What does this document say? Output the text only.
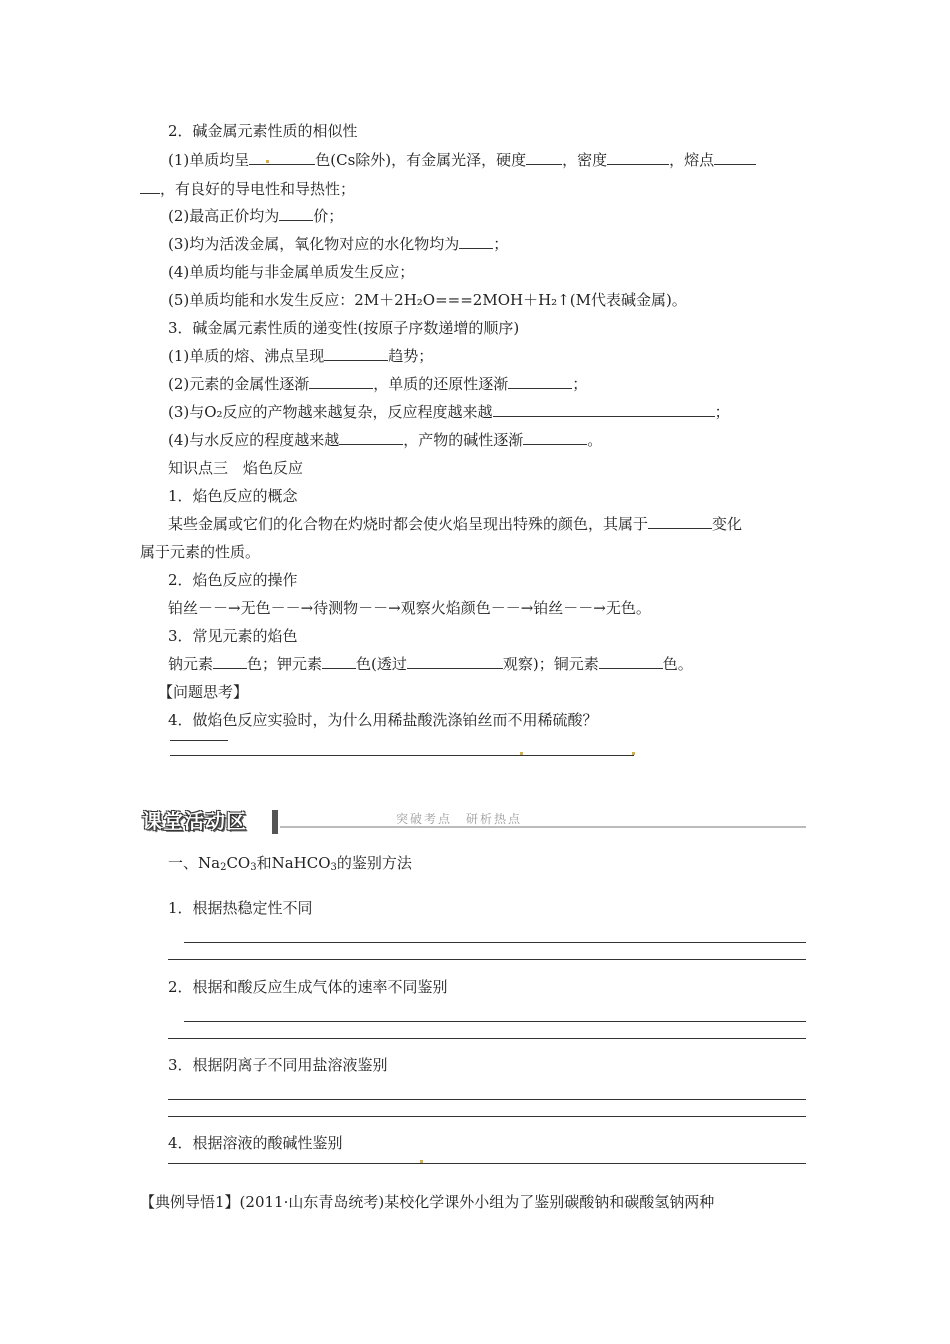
2．碱金属元素性质的相似性
(1)单质均呈	色(Cs除外)，有金属光泽，硬度 ，密度	，熔点
，有良好的导电性和导热性；
(2)最高正价均为 价；
(3)均为活泼金属，氧化物对应的水化物均为 ；
(4)单质均能与非金属单质发生反应；
(5)单质均能和水发生反应：2M＋2H₂O===2MOH＋H₂↑(M代表碱金属)。
3．碱金属元素性质的递变性(按原子序数递增的顺序)
(1)单质的熔、沸点呈现	趋势；
(2)元素的金属性逐渐	，单质的还原性逐渐	；
(3)与O₂反应的产物越来越复杂，反应程度越来越	；
(4)与水反应的程度越来越	，产物的碱性逐渐	。
知识点三　焰色反应
1．焰色反应的概念
某些金属或它们的化合物在灼烧时都会使火焰呈现出特殊的颜色，其属于	变化
属于元素的性质。
2．焰色反应的操作
铂丝－－→无色－－→待测物－－→观察火焰颜色－－→铂丝－－→无色。
3．常见元素的焰色
钠元素 色；钾元素 色(透过	观察)；铜元素	色。
【问题思考】
4．做焰色反应实验时，为什么用稀盐酸洗涤铂丝而不用稀硫酸？
课堂活动区	突破考点　研析热点
一、$Na_2CO_3$和NaHCO$_3$的鉴别方法
1．根据热稳定性不同
2．根据和酸反应生成气体的速率不同鉴别
3．根据阴离子不同用盐溶液鉴别
4．根据溶液的酸碱性鉴别
【典例导悟1】(2011·山东青岛统考)某校化学课外小组为了鉴别碳酸钠和碳酸氢钠两种
